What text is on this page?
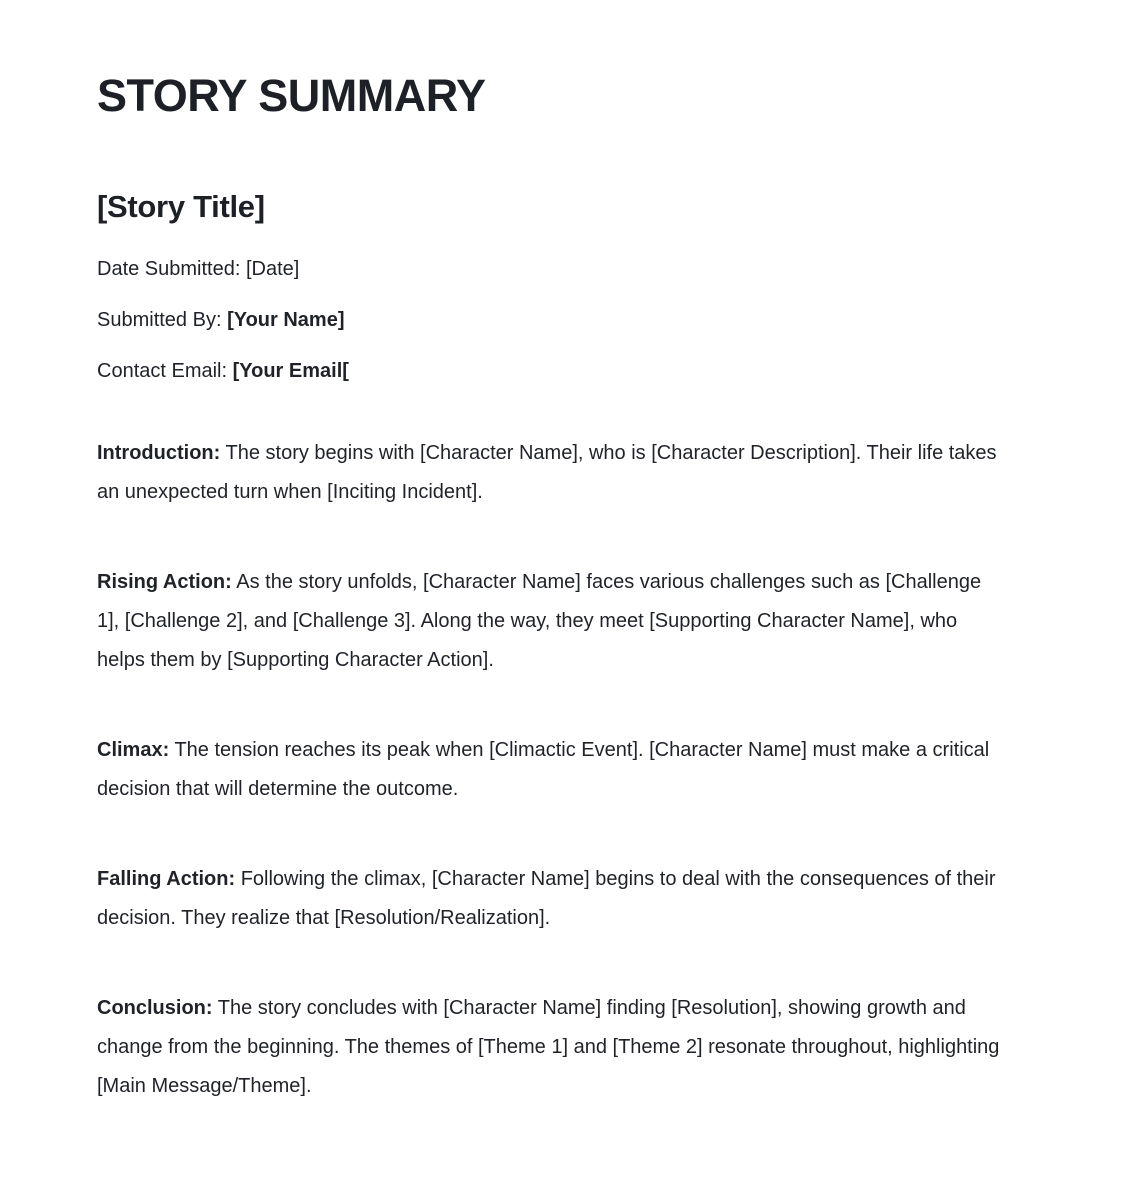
STORY SUMMARY
[Story Title]

Date Submitted: [Date]

Submitted By: [Your Name]

Contact Email: [Your Email[

Introduction: The story begins with [Character Name], who is [Character Description]. Their life takes an unexpected turn when [Inciting Incident].

Rising Action: As the story unfolds, [Character Name] faces various challenges such as [Challenge 1], [Challenge 2], and [Challenge 3]. Along the way, they meet [Supporting Character Name], who helps them by [Supporting Character Action].

Climax: The tension reaches its peak when [Climactic Event]. [Character Name] must make a critical decision that will determine the outcome.

Falling Action: Following the climax, [Character Name] begins to deal with the consequences of their decision. They realize that [Resolution/Realization].

Conclusion: The story concludes with [Character Name] finding [Resolution], showing growth and change from the beginning. The themes of [Theme 1] and [Theme 2] resonate throughout, highlighting [Main Message/Theme].
